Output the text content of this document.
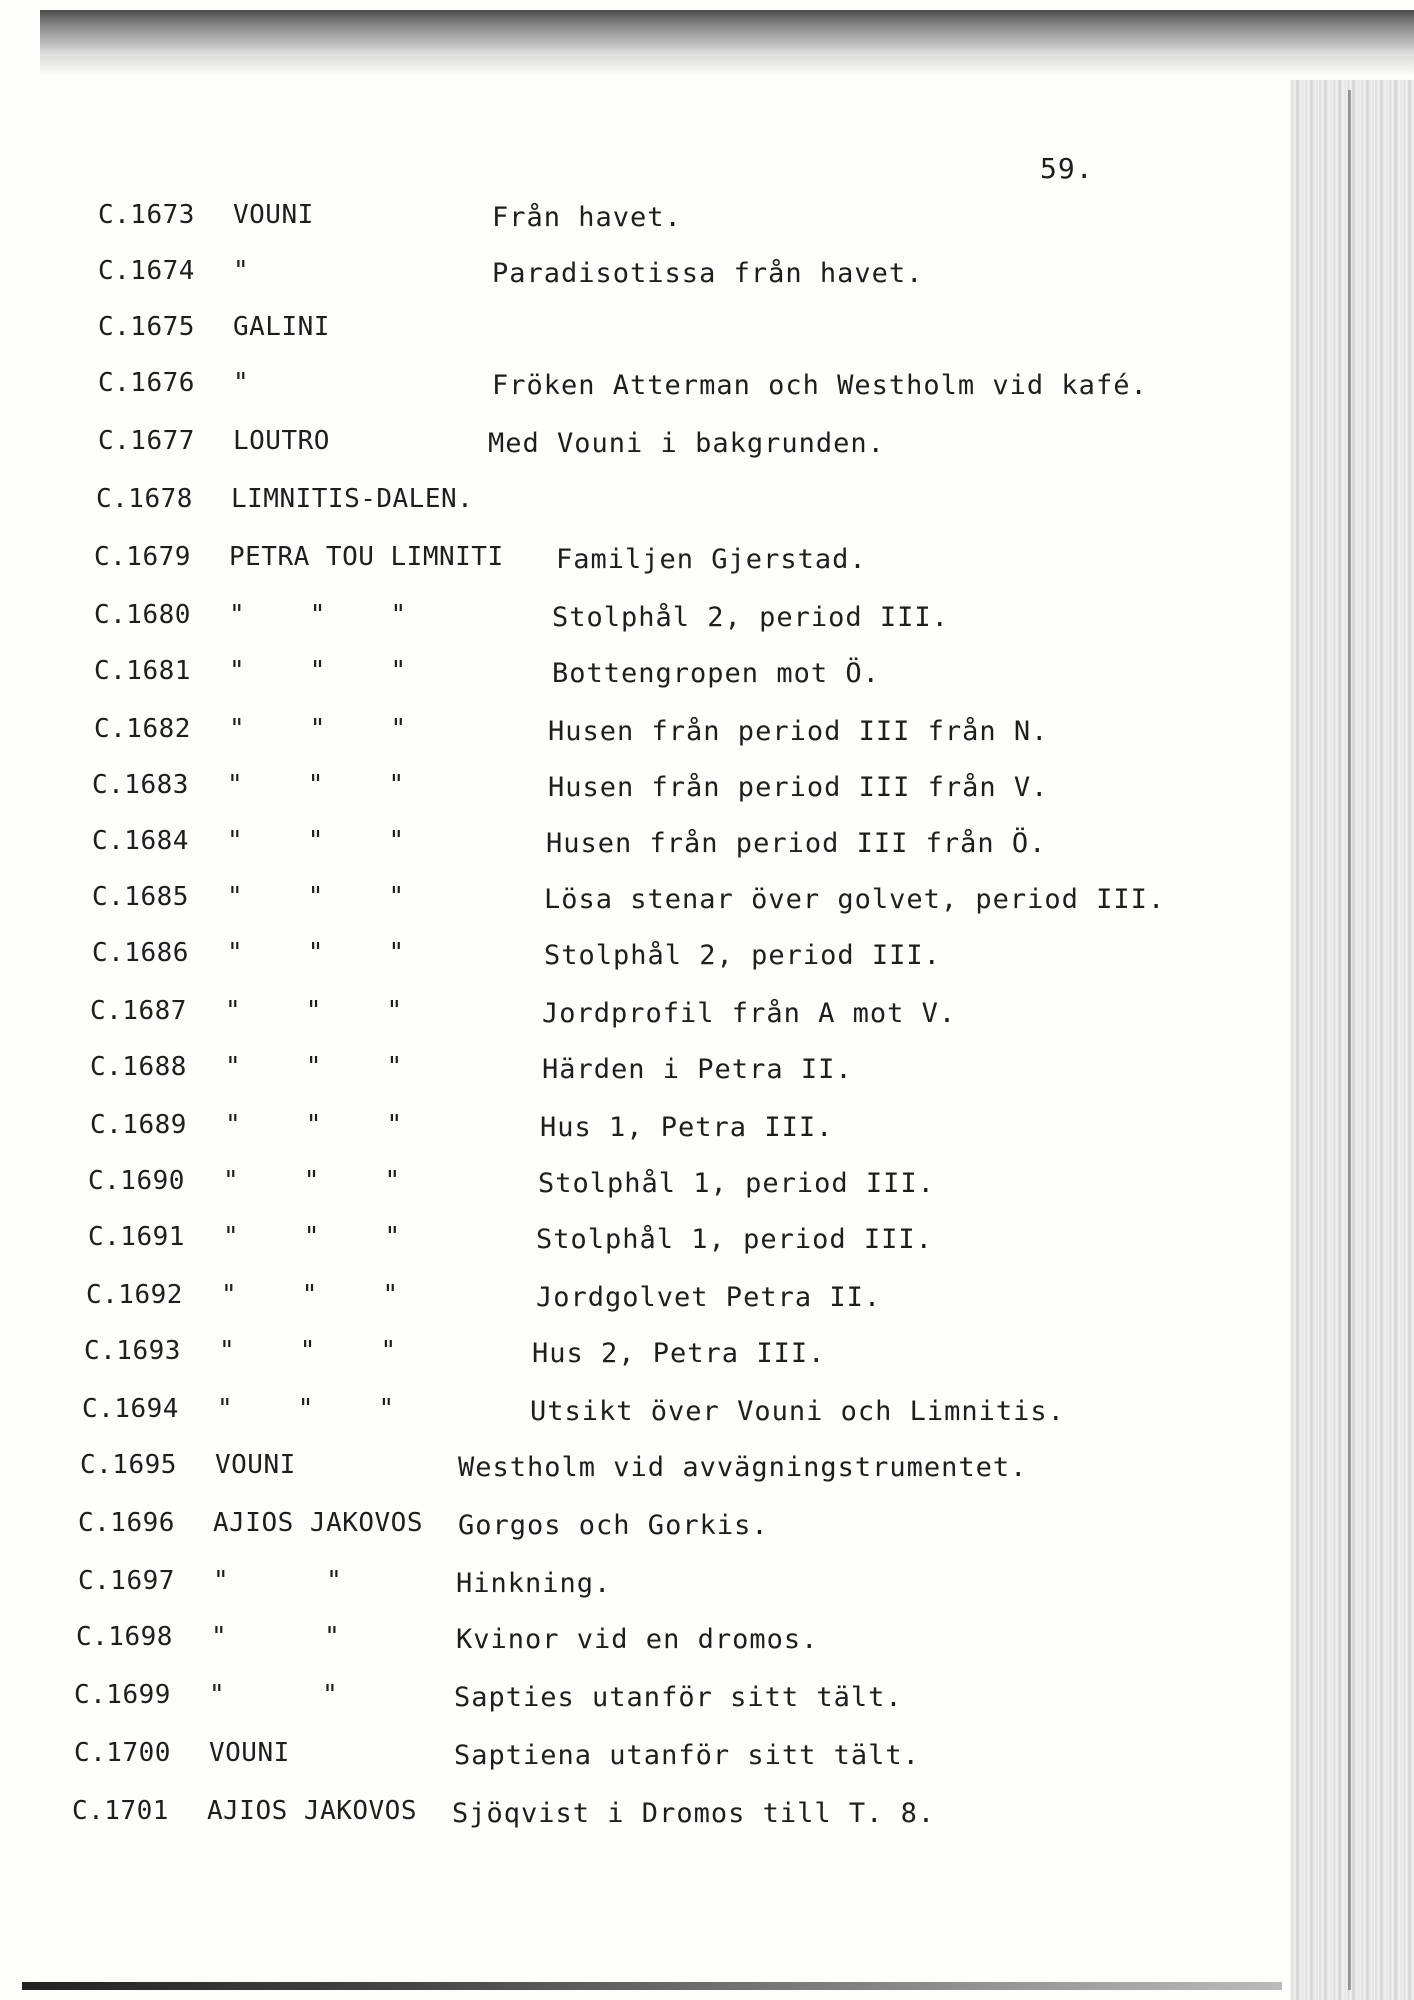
59.
C.1673 VOUNI	Från havet.
C.1674 "	Paradisotissa från havet.
C.1675 GALINI
C.1676 "	Fröken Atterman och Westholm vid kafé.
C.1677 LOUTRO	Med Vouni i bakgrunden.
C.1678 LIMNITIS-DALEN.
C.1679 PETRA TOU LIMNITI Familjen Gjerstad.
C.1680 "    "    "	Stolphål 2, period III.
C.1681 "    "    "	Bottengropen mot Ö.
C.1682 "    "    "	Husen från period III från N.
C.1683 "    "    "	Husen från period III från V.
C.1684 "    "    "	Husen från period III från Ö.
C.1685 "    "    "	Lösa stenar över golvet, period III.
C.1686 "    "    "	Stolphål 2, period III.
C.1687 "    "    "	Jordprofil från A mot V.
C.1688 "    "    "	Härden i Petra II.
C.1689 "    "    "	Hus 1, Petra III.
C.1690 "    "    "	Stolphål 1, period III.
C.1691 "    "    "	Stolphål 1, period III.
C.1692 "    "    "	Jordgolvet Petra II.
C.1693 "    "    "	Hus 2, Petra III.
C.1694 "    "    "	Utsikt över Vouni och Limnitis.
C.1695 VOUNI	Westholm vid avvägningstrumentet.
C.1696 AJIOS JAKOVOS Gorgos och Gorkis.
C.1697 "      "	Hinkning.
C.1698 "      "	Kvinor vid en dromos.
C.1699 "      "	Sapties utanför sitt tält.
C.1700 VOUNI	Saptiena utanför sitt tält.
C.1701 AJIOS JAKOVOS Sjöqvist i Dromos till T. 8.
